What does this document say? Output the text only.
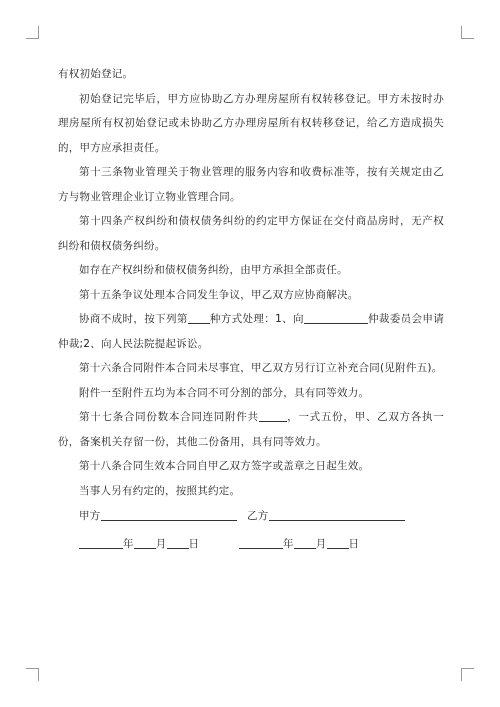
有权初始登记。

初始登记完毕后，甲方应协助乙方办理房屋所有权转移登记。甲方未按时办理房屋所有权初始登记或未协助乙方办理房屋所有权转移登记，给乙方造成损失的，甲方应承担责任。

第十三条物业管理关于物业管理的服务内容和收费标准等，按有关规定由乙方与物业管理企业订立物业管理合同。

第十四条产权纠纷和债权债务纠纷的约定甲方保证在交付商品房时，无产权纠纷和债权债务纠纷。

如存在产权纠纷和债权债务纠纷，由甲方承担全部责任。

第十五条争议处理本合同发生争议，甲乙双方应协商解决。

协商不成时，按下列第 种方式处理：1、向	仲裁委员会申请仲裁;2、向人民法院提起诉讼。

第十六条合同附件本合同未尽事宜，甲乙双方另行订立补充合同(见附件五)。

附件一至附件五均为本合同不可分割的部分，具有同等效力。

第十七条合同份数本合同连同附件共	，一式五份，甲、乙双方各执一份，备案机关存留一份，其他二份备用，具有同等效力。

第十八条合同生效本合同自甲乙双方签字或盖章之日起生效。

当事人另有约定的，按照其约定。

甲方	乙方
年 月 日	年 月 日
